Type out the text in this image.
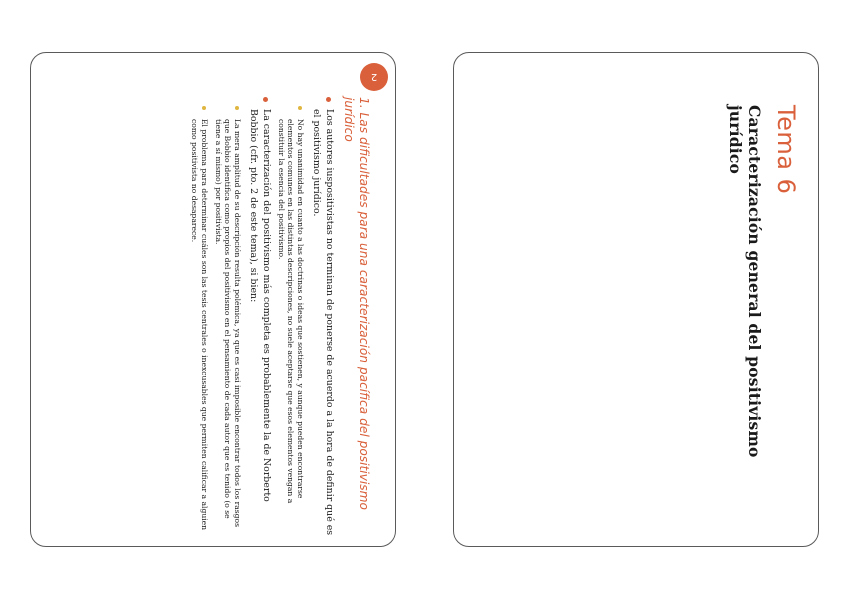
2
1. Las dificultades para una caracterización pacífica del positivismo jurídico
Los autores iuspositivistas no terminan de ponerse de acuerdo a la hora de definir qué es el positivismo jurídico.
No hay unanimidad en cuanto a las doctrinas o ideas que sostienen, y aunque pueden encontrarse elementos comunes en las distintas descripciones, no suele aceptarse que esos elementos vengan a constituir la esencia del positivismo.
La caracterización del positivismo más completa es probablemente la de Norberto Bobbio (cfr. pto. 2 de este tema), si bien:
La mera amplitud de su descripción resulta polémica, ya que es casi imposible encontrar todos los rasgos que Bobbio identifica como propios del positivismo en el pensamiento de cada autor que es tenido (o se tiene a sí mismo) por positivista.
El problema para determinar cuáles son las tesis centrales o inexcusables que permiten calificar a alguien como positivista no desaparece.	Tema 6
Caracterización general del positivismo jurídico
